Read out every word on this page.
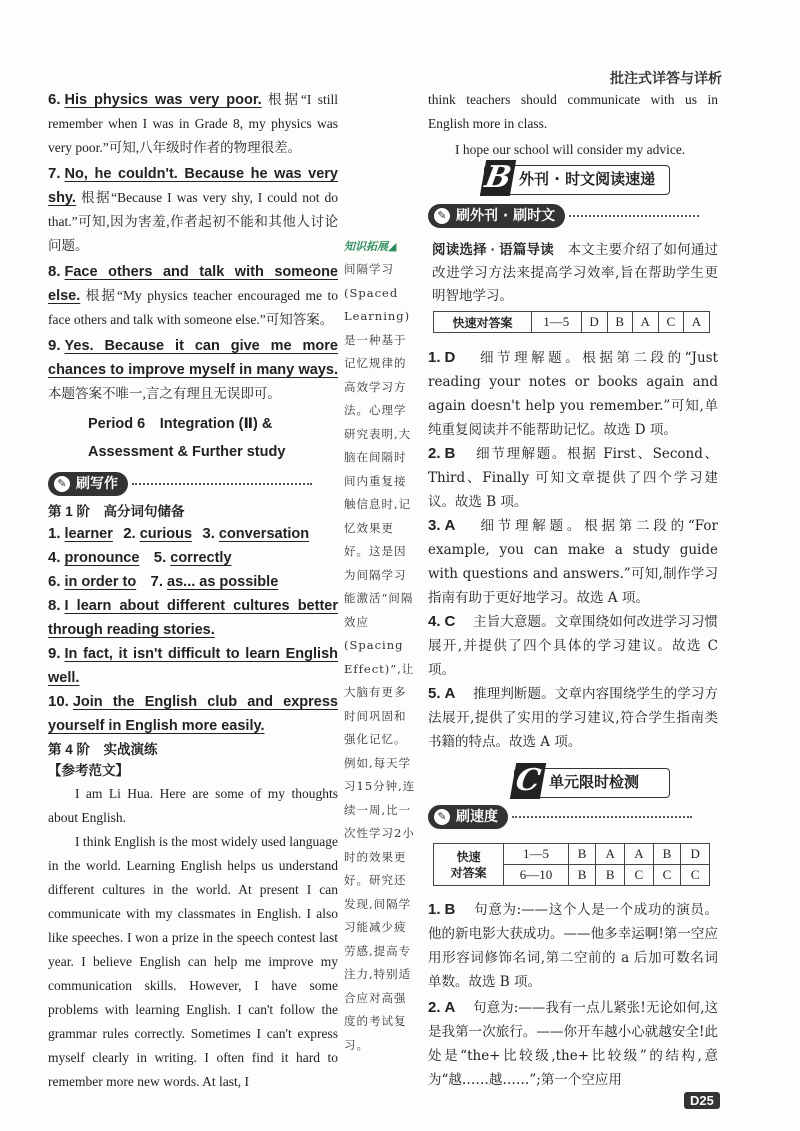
批注式详答与详析

6. His physics was very poor. 根据“I still remember when I was in Grade 8, my physics was very poor.”可知,八年级时作者的物理很差。

7. No, he couldn't. Because he was very shy. 根据“Because I was very shy, I could not do that.”可知,因为害羞,作者起初不能和其他人讨论问题。

8. Face others and talk with someone else. 根据“My physics teacher encouraged me to face others and talk with someone else.”可知答案。

9. Yes. Because it can give me more chances to improve myself in many ways. 本题答案不唯一,言之有理且无误即可。

Period 6　Integration (Ⅱ) & Assessment & Further study
✎ 刷写作
第 1 阶　高分词句储备
1. learner 2. curious 3. conversation
4. pronounce 5. correctly
6. in order to 7. as... as possible

8. I learn about different cultures better through reading stories.

9. In fact, it isn't difficult to learn English well.

10. Join the English club and express yourself in English more easily.

第 4 阶　实战演练
【参考范文】

I am Li Hua. Here are some of my thoughts about English.

I think English is the most widely used language in the world. Learning English helps us understand different cultures in the world. At present I can communicate with my classmates in English. I also like speeches. I won a prize in the speech contest last year. I believe English can help me improve my communication skills. However, I have some problems with learning English. I can't follow the grammar rules correctly. Sometimes I can't express myself clearly in writing. I often find it hard to remember more new words. At last, I

知识拓展◢
间隔学习(Spaced Learning)是一种基于记忆规律的高效学习方法。心理学研究表明,大脑在间隔时间内重复接触信息时,记忆效果更好。这是因为间隔学习能激活“间隔效应(Spacing Effect)”,让大脑有更多时间巩固和强化记忆。例如,每天学习15分钟,连续一周,比一次性学习2小时的效果更好。研究还发现,间隔学习能减少疲劳感,提高专注力,特别适合应对高强度的考试复习。

think teachers should communicate with us in English more in class.

I hope our school will consider my advice.

B 外刊 · 时文阅读速递
✎ 刷外刊 · 刷时文

阅读选择 · 语篇导读　 本文主要介绍了如何通过改进学习方法来提高学习效率,旨在帮助学生更明智地学习。

快速对答案	1—5	D	B	A	C	A

1. D　 细节理解题。根据第二段的“Just reading your notes or books again and again doesn't help you remember.”可知,单纯重复阅读并不能帮助记忆。故选 D 项。

2. B　 细节理解题。根据 First、Second、Third、Finally 可知文章提供了四个学习建议。故选 B 项。

3. A　 细节理解题。根据第二段的“For example, you can make a study guide with questions and answers.”可知,制作学习指南有助于更好地学习。故选 A 项。

4. C　 主旨大意题。文章围绕如何改进学习习惯展开,并提供了四个具体的学习建议。故选 C 项。

5. A　 推理判断题。文章内容围绕学生的学习方法展开,提供了实用的学习建议,符合学生指南类书籍的特点。故选 A 项。

C 单元限时检测
✎ 刷速度
快速
对答案	1—5	B	A	A	B	D
	6—10	B	B	C	C	C

1. B　 句意为:——这个人是一个成功的演员。他的新电影大获成功。——他多幸运啊!第一空应用形容词修饰名词,第二空前的 a 后加可数名词单数。故选 B 项。

2. A　 句意为:——我有一点儿紧张!无论如何,这是我第一次旅行。——你开车越小心就越安全!此处是“the+比较级,the+比较级”的结构,意为“越……越……”;第一个空应用

D25
